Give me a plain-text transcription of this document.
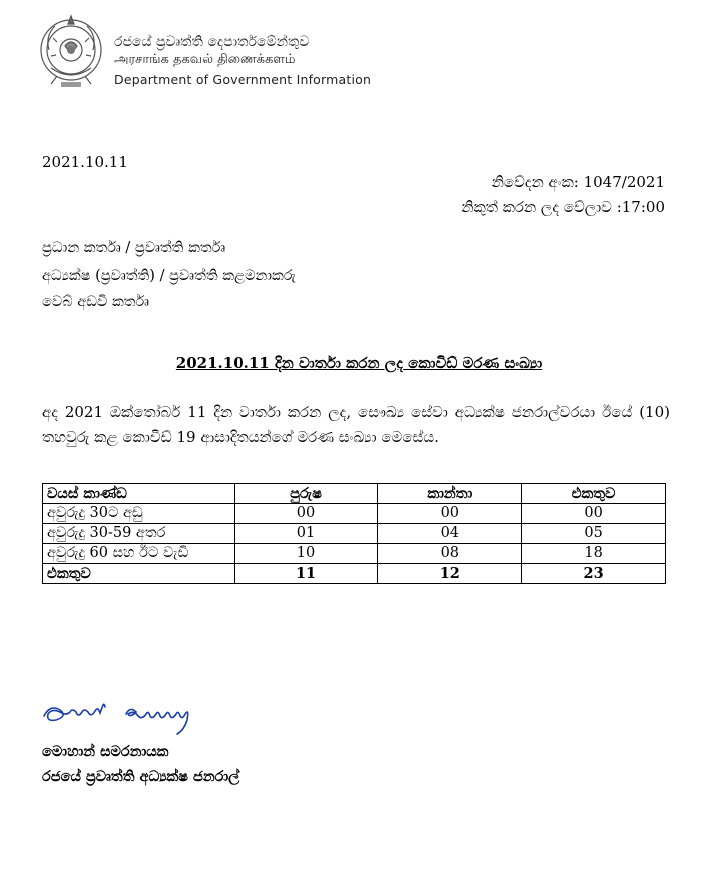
රජයේ ප්‍රවෘත්ති දෙපාර්තමේන්තුව
அரசாங்க தகவல் திணைக்களம்
Department of Government Information
2021.10.11
නිවේදන අංක: 1047/2021
නිකුත් කරන ලද වේලාව :17:00
ප්‍රධාන කර්තෘ / ප්‍රවෘත්ති කර්තෘ
අධ්‍යක්ෂ (ප්‍රවෘත්ති) / ප්‍රවෘත්ති කළමනාකරු
වෙබ් අඩවි කර්තෘ
2021.10.11 දින වාර්තා කරන ලද කොවිඩ් මරණ සංඛ්‍යා
අද 2021 ඔක්තෝබර් 11 දින වාර්තා කරන ලද, සෞඛ්‍ය සේවා අධ්‍යක්ෂ ජනරාල්වරයා ඊයේ (10) තහවුරු කළ කොවිඩ් 19 ආසාදිතයන්ගේ මරණ සංඛ්‍යා මෙසේය.
වයස් කාණ්ඩ	පුරුෂ	කාන්තා	එකතුව
අවුරුදු 30ට අඩු	00	00	00
අවුරුදු 30-59 අතර	01	04	05
අවුරුදු 60 සහ ඊට වැඩි	10	08	18
එකතුව	11	12	23
මොහාන් සමරනායක
රජයේ ප්‍රවෘත්ති අධ්‍යක්ෂ ජනරාල්
